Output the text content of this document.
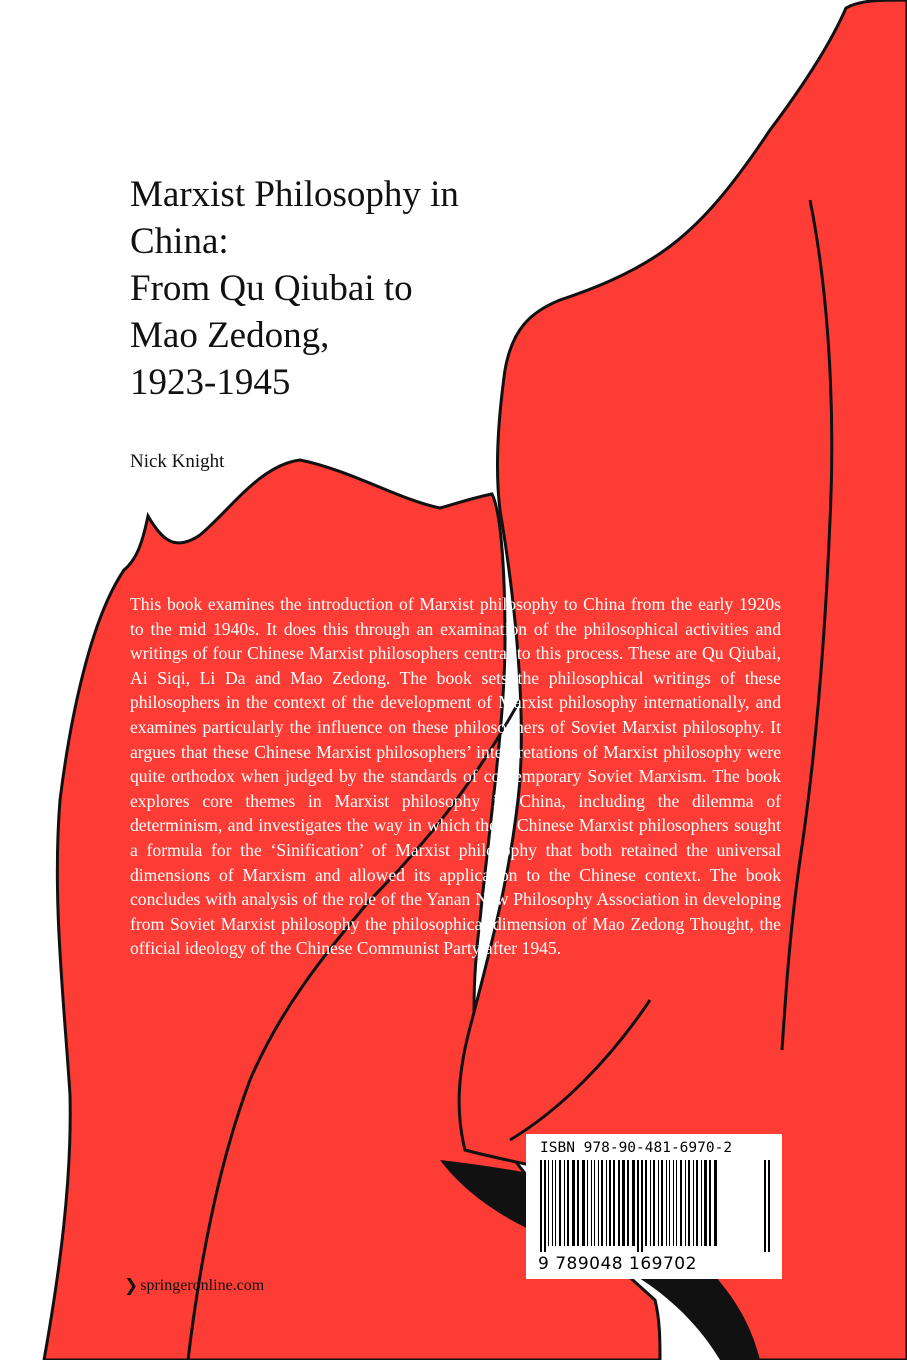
Marxist Philosophy in
China:
From Qu Qiubai to
Mao Zedong,
1923-1945
Nick Knight

This book examines the introduction of Marxist philosophy to China from the early 1920s to the mid 1940s. It does this through an examination of the philosophical activities and writings of four Chinese Marxist philosophers central to this process. These are Qu Qiubai, Ai Siqi, Li Da and Mao Zedong. The book sets the philosophical writings of these philosophers in the context of the development of Marxist philosophy internationally, and examines particularly the influence on these philosophers of Soviet Marxist philosophy. It argues that these Chinese Marxist philosophers’ interpretations of Marxist philosophy were quite orthodox when judged by the standards of contemporary Soviet Marxism. The book explores core themes in Marxist philosophy in China, including the dilemma of determinism, and investigates the way in which these Chinese Marxist philosophers sought a formula for the ‘Sinification’ of Marxist philosophy that both retained the universal dimensions of Marxism and allowed its application to the Chinese context. The book concludes with analysis of the role of the Yanan New Philosophy Association in developing from Soviet Marxist philosophy the philosophical dimension of Mao Zedong Thought, the official ideology of the Chinese Communist Party after 1945.

ISBN 978-90-481-6970-2
9 789048 169702
❯ springeronline.com
